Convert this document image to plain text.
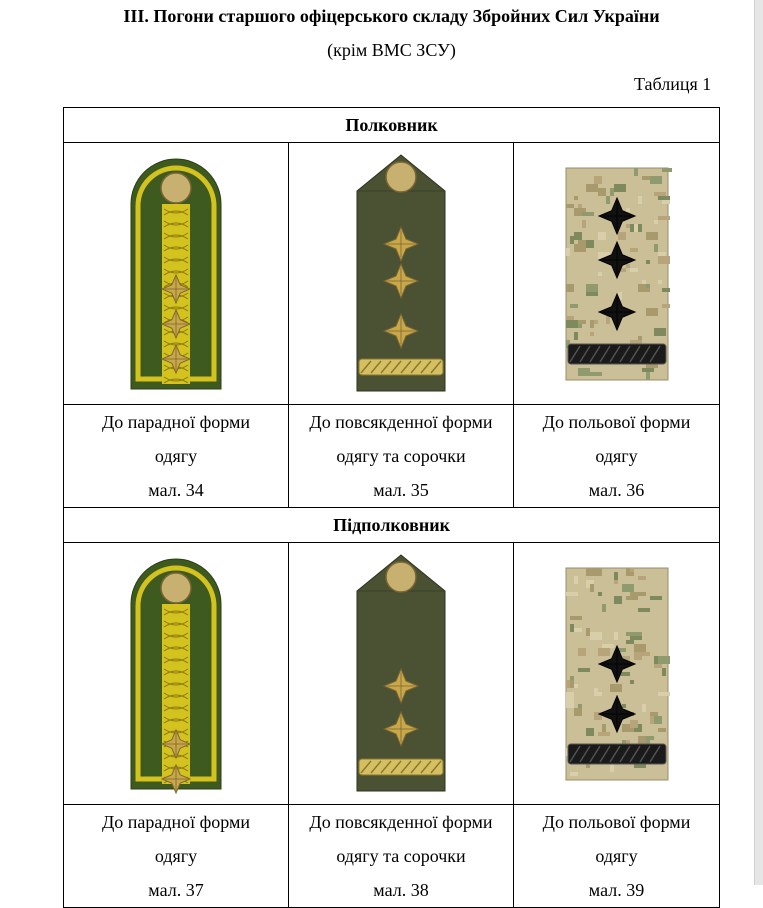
ІІІ. Погони старшого офіцерського складу Збройних Сил України
(крім ВМС ЗСУ)
Таблиця 1
Полковник		

До парадної форми
одягу
мал. 34	До повсякденної форми
одягу та сорочки
мал. 35	До польової форми
одягу
мал. 36

Підполковник		

До парадної форми
одягу
мал. 37	До повсякденної форми
одягу та сорочки
мал. 38	До польової форми
одягу
мал. 39
